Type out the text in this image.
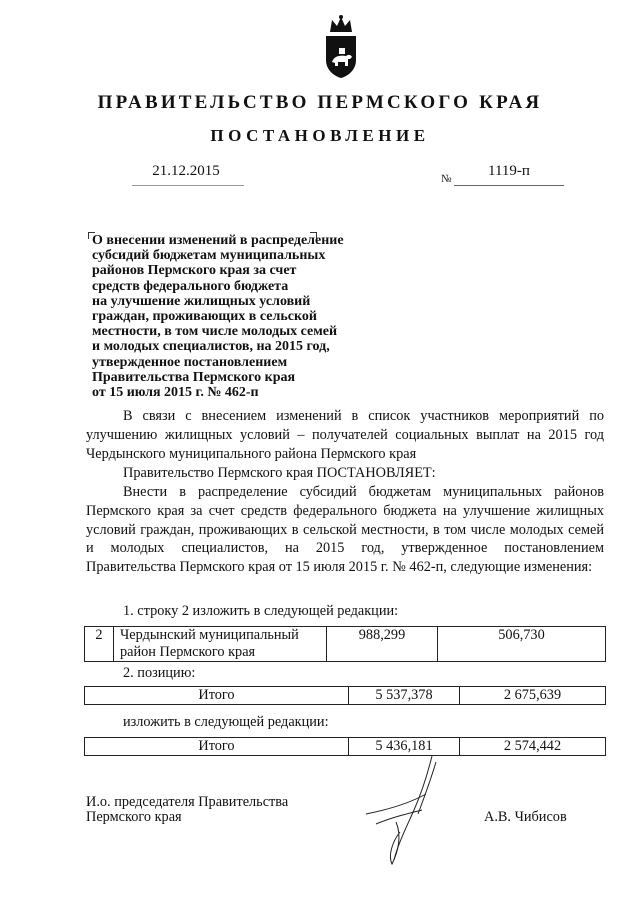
ПРАВИТЕЛЬСТВО ПЕРМСКОГО КРАЯ
ПОСТАНОВЛЕНИЕ
21.12.2015	№	1119-п
О внесении изменений в распределение
субсидий бюджетам муниципальных
районов Пермского края за счет
средств федерального бюджета
на улучшение жилищных условий
граждан, проживающих в сельской
местности, в том числе молодых семей
и молодых специалистов, на 2015 год,
утвержденное постановлением
Правительства Пермского края
от 15 июля 2015 г. № 462-п

В связи с внесением изменений в список участников мероприятий по улучшению жилищных условий – получателей социальных выплат на 2015 год Чердынского муниципального района Пермского края

Правительство Пермского края ПОСТАНОВЛЯЕТ:

Внести в распределение субсидий бюджетам муниципальных районов Пермского края за счет средств федерального бюджета на улучшение жилищных условий граждан, проживающих в сельской местности, в том числе молодых семей и молодых специалистов, на 2015 год, утвержденное постановлением Правительства Пермского края от 15 июля 2015 г. № 462-п, следующие изменения:

1. строку 2 изложить в следующей редакции:
2	Чердынский муниципальный район Пермского края	988,299	506,730
2. позицию:
Итого	5 537,378	2 675,639
изложить в следующей редакции:
Итого	5 436,181	2 574,442
И.о. председателя Правительства
Пермского края	А.В. Чибисов
